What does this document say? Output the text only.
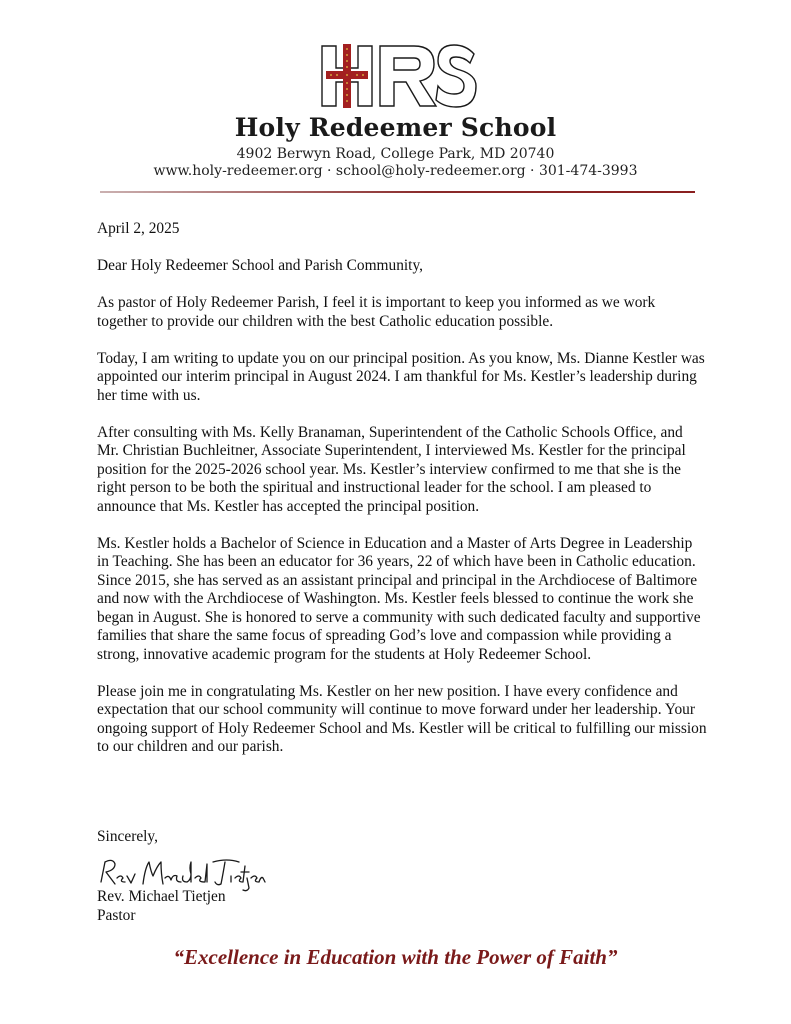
Holy Redeemer School
4902 Berwyn Road, College Park, MD 20740
www.holy-redeemer.org · school@holy-redeemer.org · 301-474-3993

April 2, 2025

Dear Holy Redeemer School and Parish Community,

As pastor of Holy Redeemer Parish, I feel it is important to keep you informed as we work together to provide our children with the best Catholic education possible.

Today, I am writing to update you on our principal position. As you know, Ms. Dianne Kestler was appointed our interim principal in August 2024. I am thankful for Ms. Kestler’s leadership during her time with us.

After consulting with Ms. Kelly Branaman, Superintendent of the Catholic Schools Office, and Mr. Christian Buchleitner, Associate Superintendent, I interviewed Ms. Kestler for the principal position for the 2025-2026 school year. Ms. Kestler’s interview confirmed to me that she is the right person to be both the spiritual and instructional leader for the school. I am pleased to announce that Ms. Kestler has accepted the principal position.

Ms. Kestler holds a Bachelor of Science in Education and a Master of Arts Degree in Leadership in Teaching. She has been an educator for 36 years, 22 of which have been in Catholic education. Since 2015, she has served as an assistant principal and principal in the Archdiocese of Baltimore and now with the Archdiocese of Washington. Ms. Kestler feels blessed to continue the work she began in August. She is honored to serve a community with such dedicated faculty and supportive families that share the same focus of spreading God’s love and compassion while providing a strong, innovative academic program for the students at Holy Redeemer School.

Please join me in congratulating Ms. Kestler on her new position. I have every confidence and expectation that our school community will continue to move forward under her leadership. Your ongoing support of Holy Redeemer School and Ms. Kestler will be critical to fulfilling our mission to our children and our parish.

Sincerely,

Rev. Michael Tietjen

Pastor

“Excellence in Education with the Power of Faith”
